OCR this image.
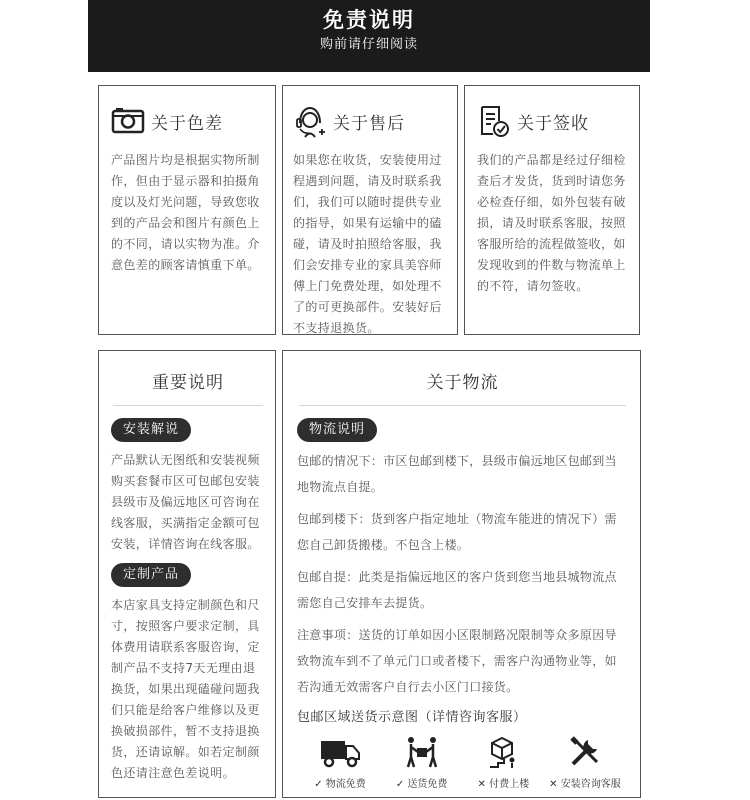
免责说明
购前请仔细阅读
关于色差
产品图片均是根据实物所制作，但由于显示器和拍摄角度以及灯光问题，导致您收到的产品会和图片有颜色上的不同，请以实物为准。介意色差的顾客请慎重下单。
关于售后
如果您在收货，安装使用过程遇到问题，请及时联系我们，我们可以随时提供专业的指导，如果有运输中的磕碰，请及时拍照给客服，我们会安排专业的家具美容师傅上门免费处理，如处理不了的可更换部件。安装好后不支持退换货。
关于签收
我们的产品都是经过仔细检查后才发货，货到时请您务必检查仔细，如外包装有破损，请及时联系客服，按照客服所给的流程做签收，如发现收到的件数与物流单上的不符，请勿签收。
重要说明
安装解说
产品默认无图纸和安装视频购买套餐市区可包邮包安装县级市及偏远地区可咨询在线客服，买满指定金额可包安装，详情咨询在线客服。
定制产品
本店家具支持定制颜色和尺寸，按照客户要求定制，具体费用请联系客服咨询，定制产品不支持7天无理由退换货，如果出现磕碰问题我们只能是给客户维修以及更换破损部件，暂不支持退换货，还请谅解。如若定制颜色还请注意色差说明。
关于物流
物流说明

包邮的情况下：市区包邮到楼下，县级市偏远地区包邮到当地物流点自提。

包邮到楼下：货到客户指定地址（物流车能进的情况下）需您自己卸货搬楼。不包含上楼。

包邮自提：此类是指偏远地区的客户货到您当地县城物流点需您自己安排车去提货。

注意事项：送货的订单如因小区限制路况限制等众多原因导致物流车到不了单元门口或者楼下，需客户沟通物业等，如若沟通无效需客户自行去小区门口接货。

包邮区域送货示意图（详情咨询客服）
✓ 物流免费	✓ 送货免费	✕ 付费上楼	✕ 安装咨询客服
